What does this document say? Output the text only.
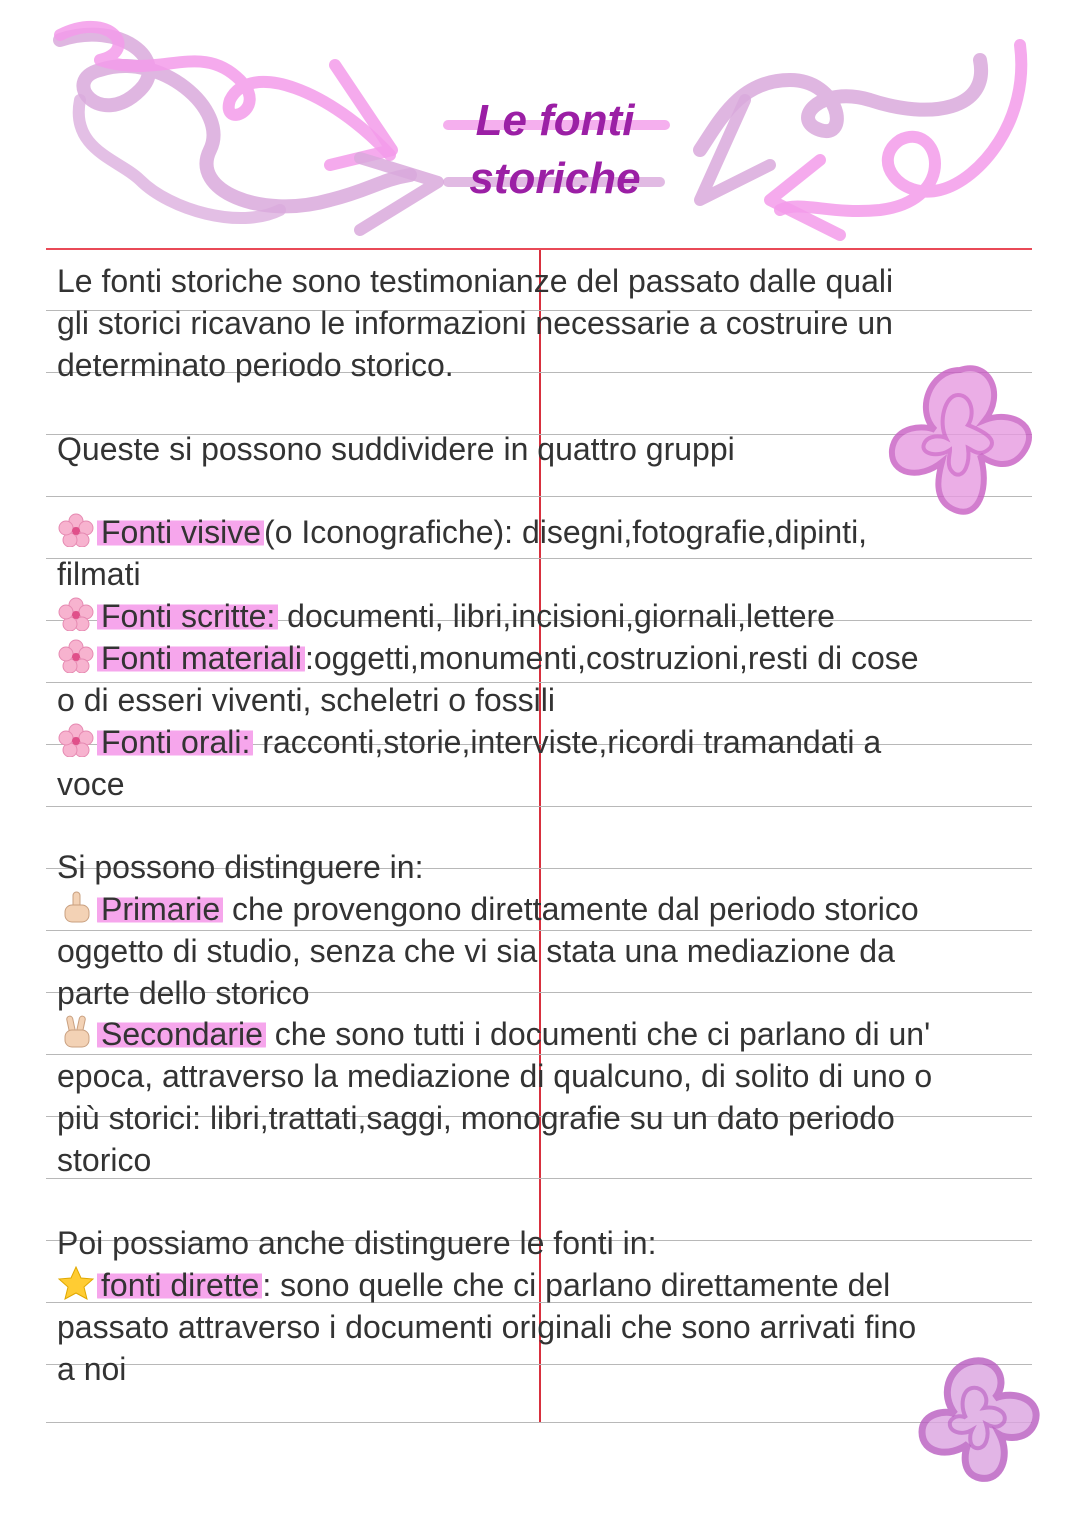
Le fonti
storiche
Le fonti storiche sono testimonianze del passato dalle quali
gli storici ricavano le informazioni necessarie a costruire un
determinato periodo storico.
Queste si possono suddividere in quattro gruppi
Fonti visive(o Iconografiche): disegni,fotografie,dipinti,
filmati
Fonti scritte: documenti, libri,incisioni,giornali,lettere
Fonti materiali:oggetti,monumenti,costruzioni,resti di cose
o di esseri viventi, scheletri o fossili
Fonti orali: racconti,storie,interviste,ricordi tramandati a
voce
Si possono distinguere in:
Primarie che provengono direttamente dal periodo storico
oggetto di studio, senza che vi sia stata una mediazione da
parte dello storico
Secondarie che sono tutti i documenti che ci parlano di un'
epoca, attraverso la mediazione di qualcuno, di solito di uno o
più storici: libri,trattati,saggi, monografie su un dato periodo
storico
Poi possiamo anche distinguere le fonti in:
fonti dirette: sono quelle che ci parlano direttamente del
passato attraverso i documenti originali che sono arrivati fino
a noi
